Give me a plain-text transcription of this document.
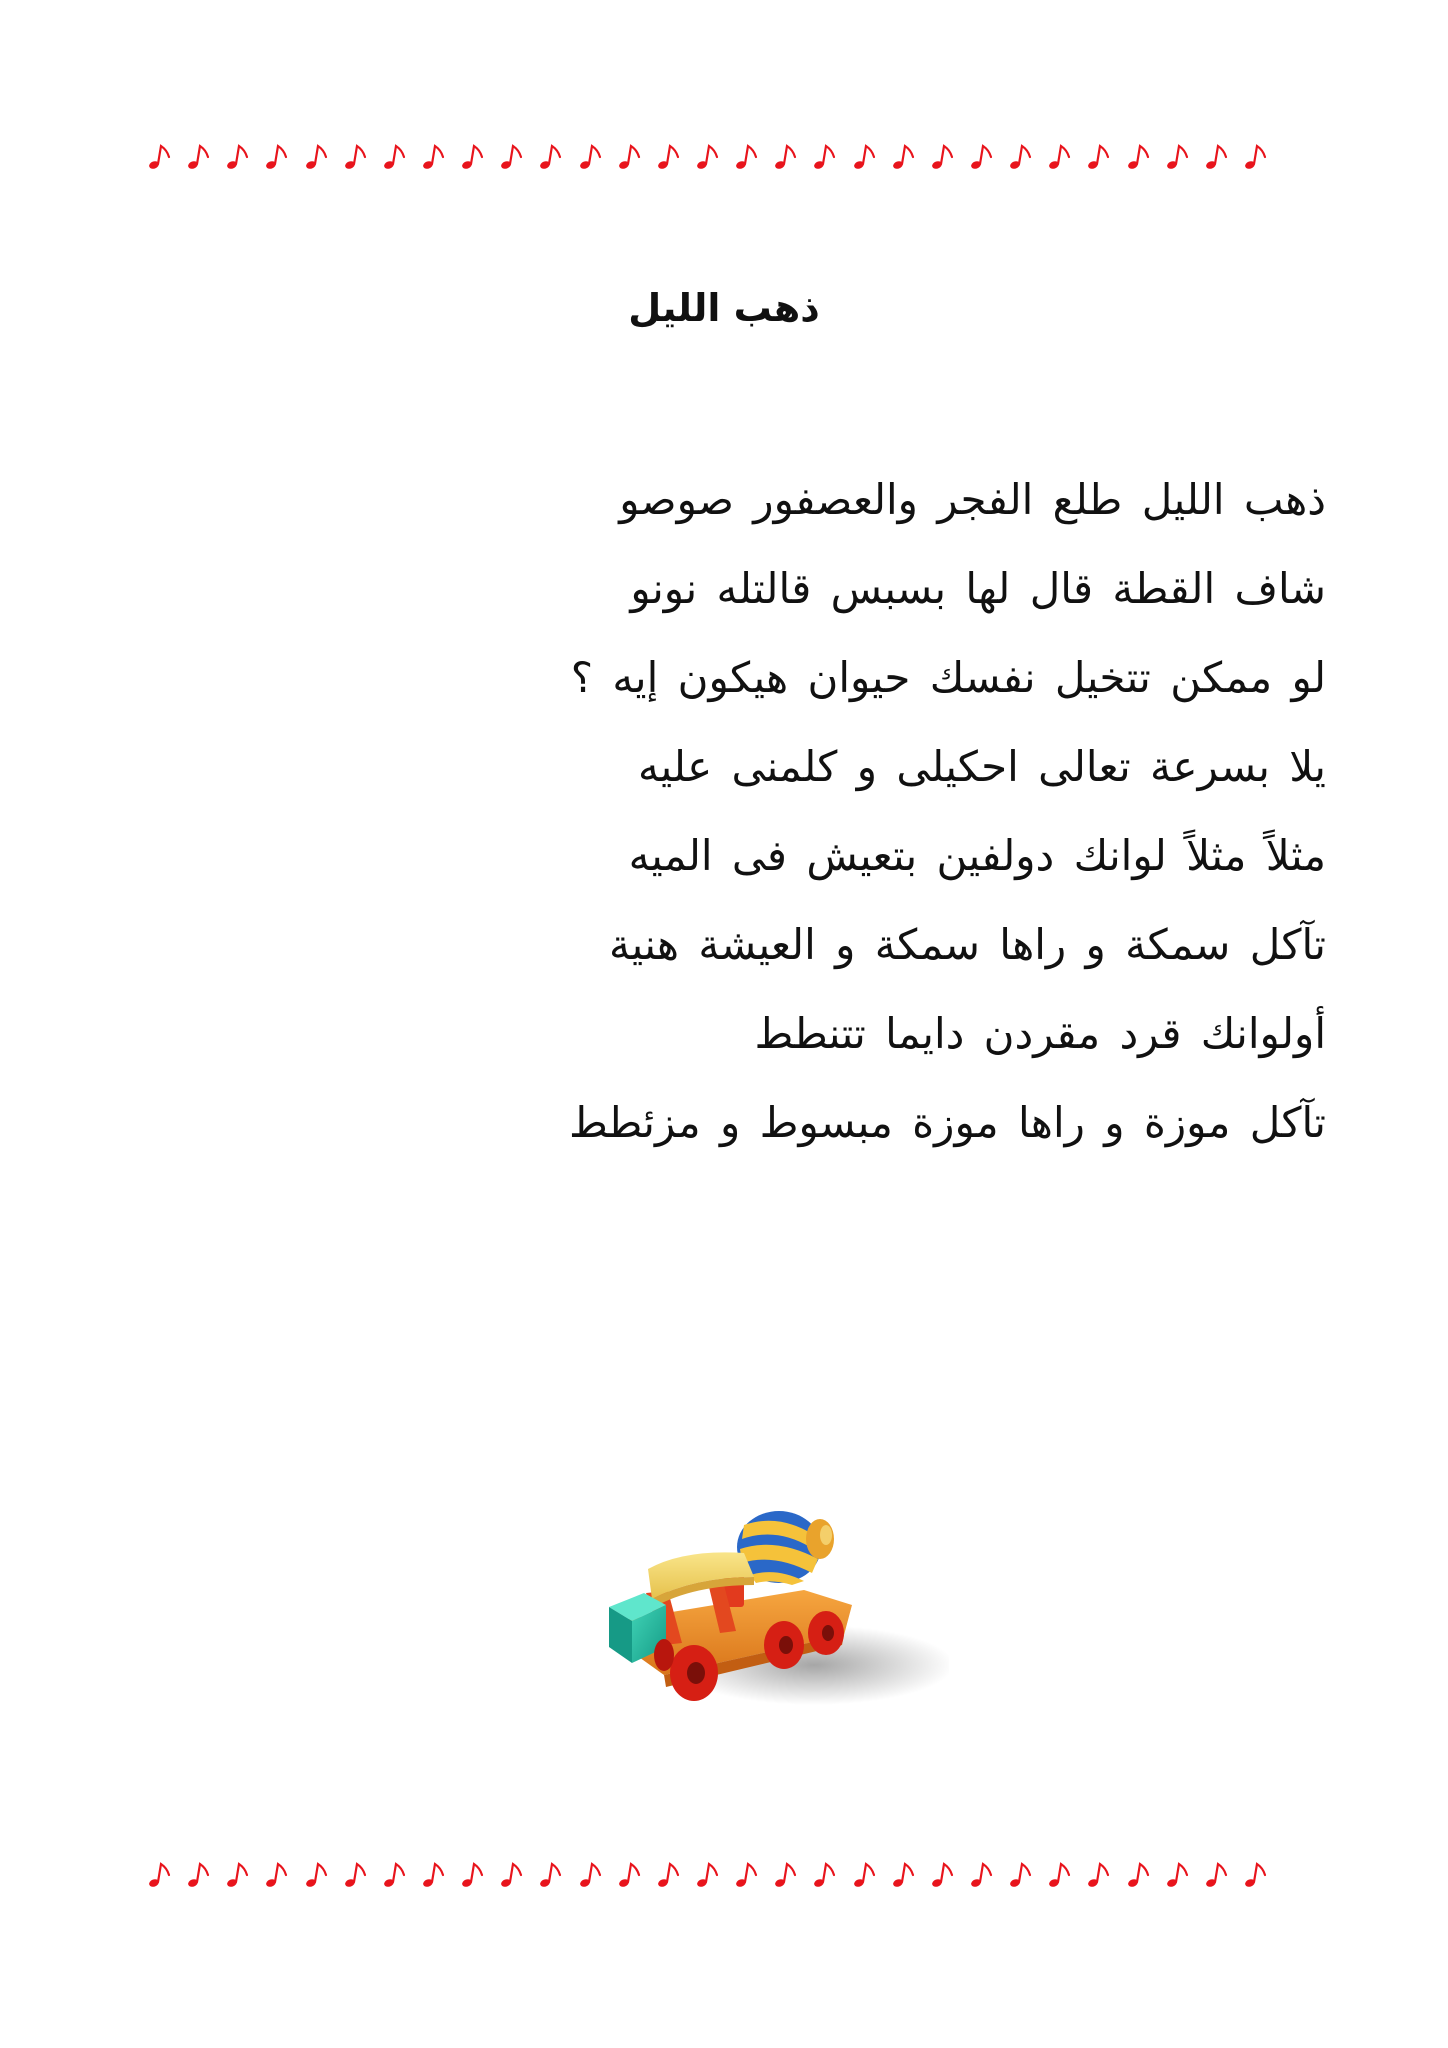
ذهب الليل
ذهب الليل طلع الفجر والعصفور صوصو
شاف القطة قال لها بسبس قالتله نونو
لو ممكن تتخيل نفسك حيوان هيكون إيه ؟
يلا بسرعة تعالى احكيلى و كلمنى عليه
مثلاً مثلاً لوانك دولفين بتعيش فى الميه
تآكل سمكة و راها سمكة و العيشة هنية
أولوانك قرد مقردن دايما تتنطط
تآكل موزة و راها موزة مبسوط و مزئطط
